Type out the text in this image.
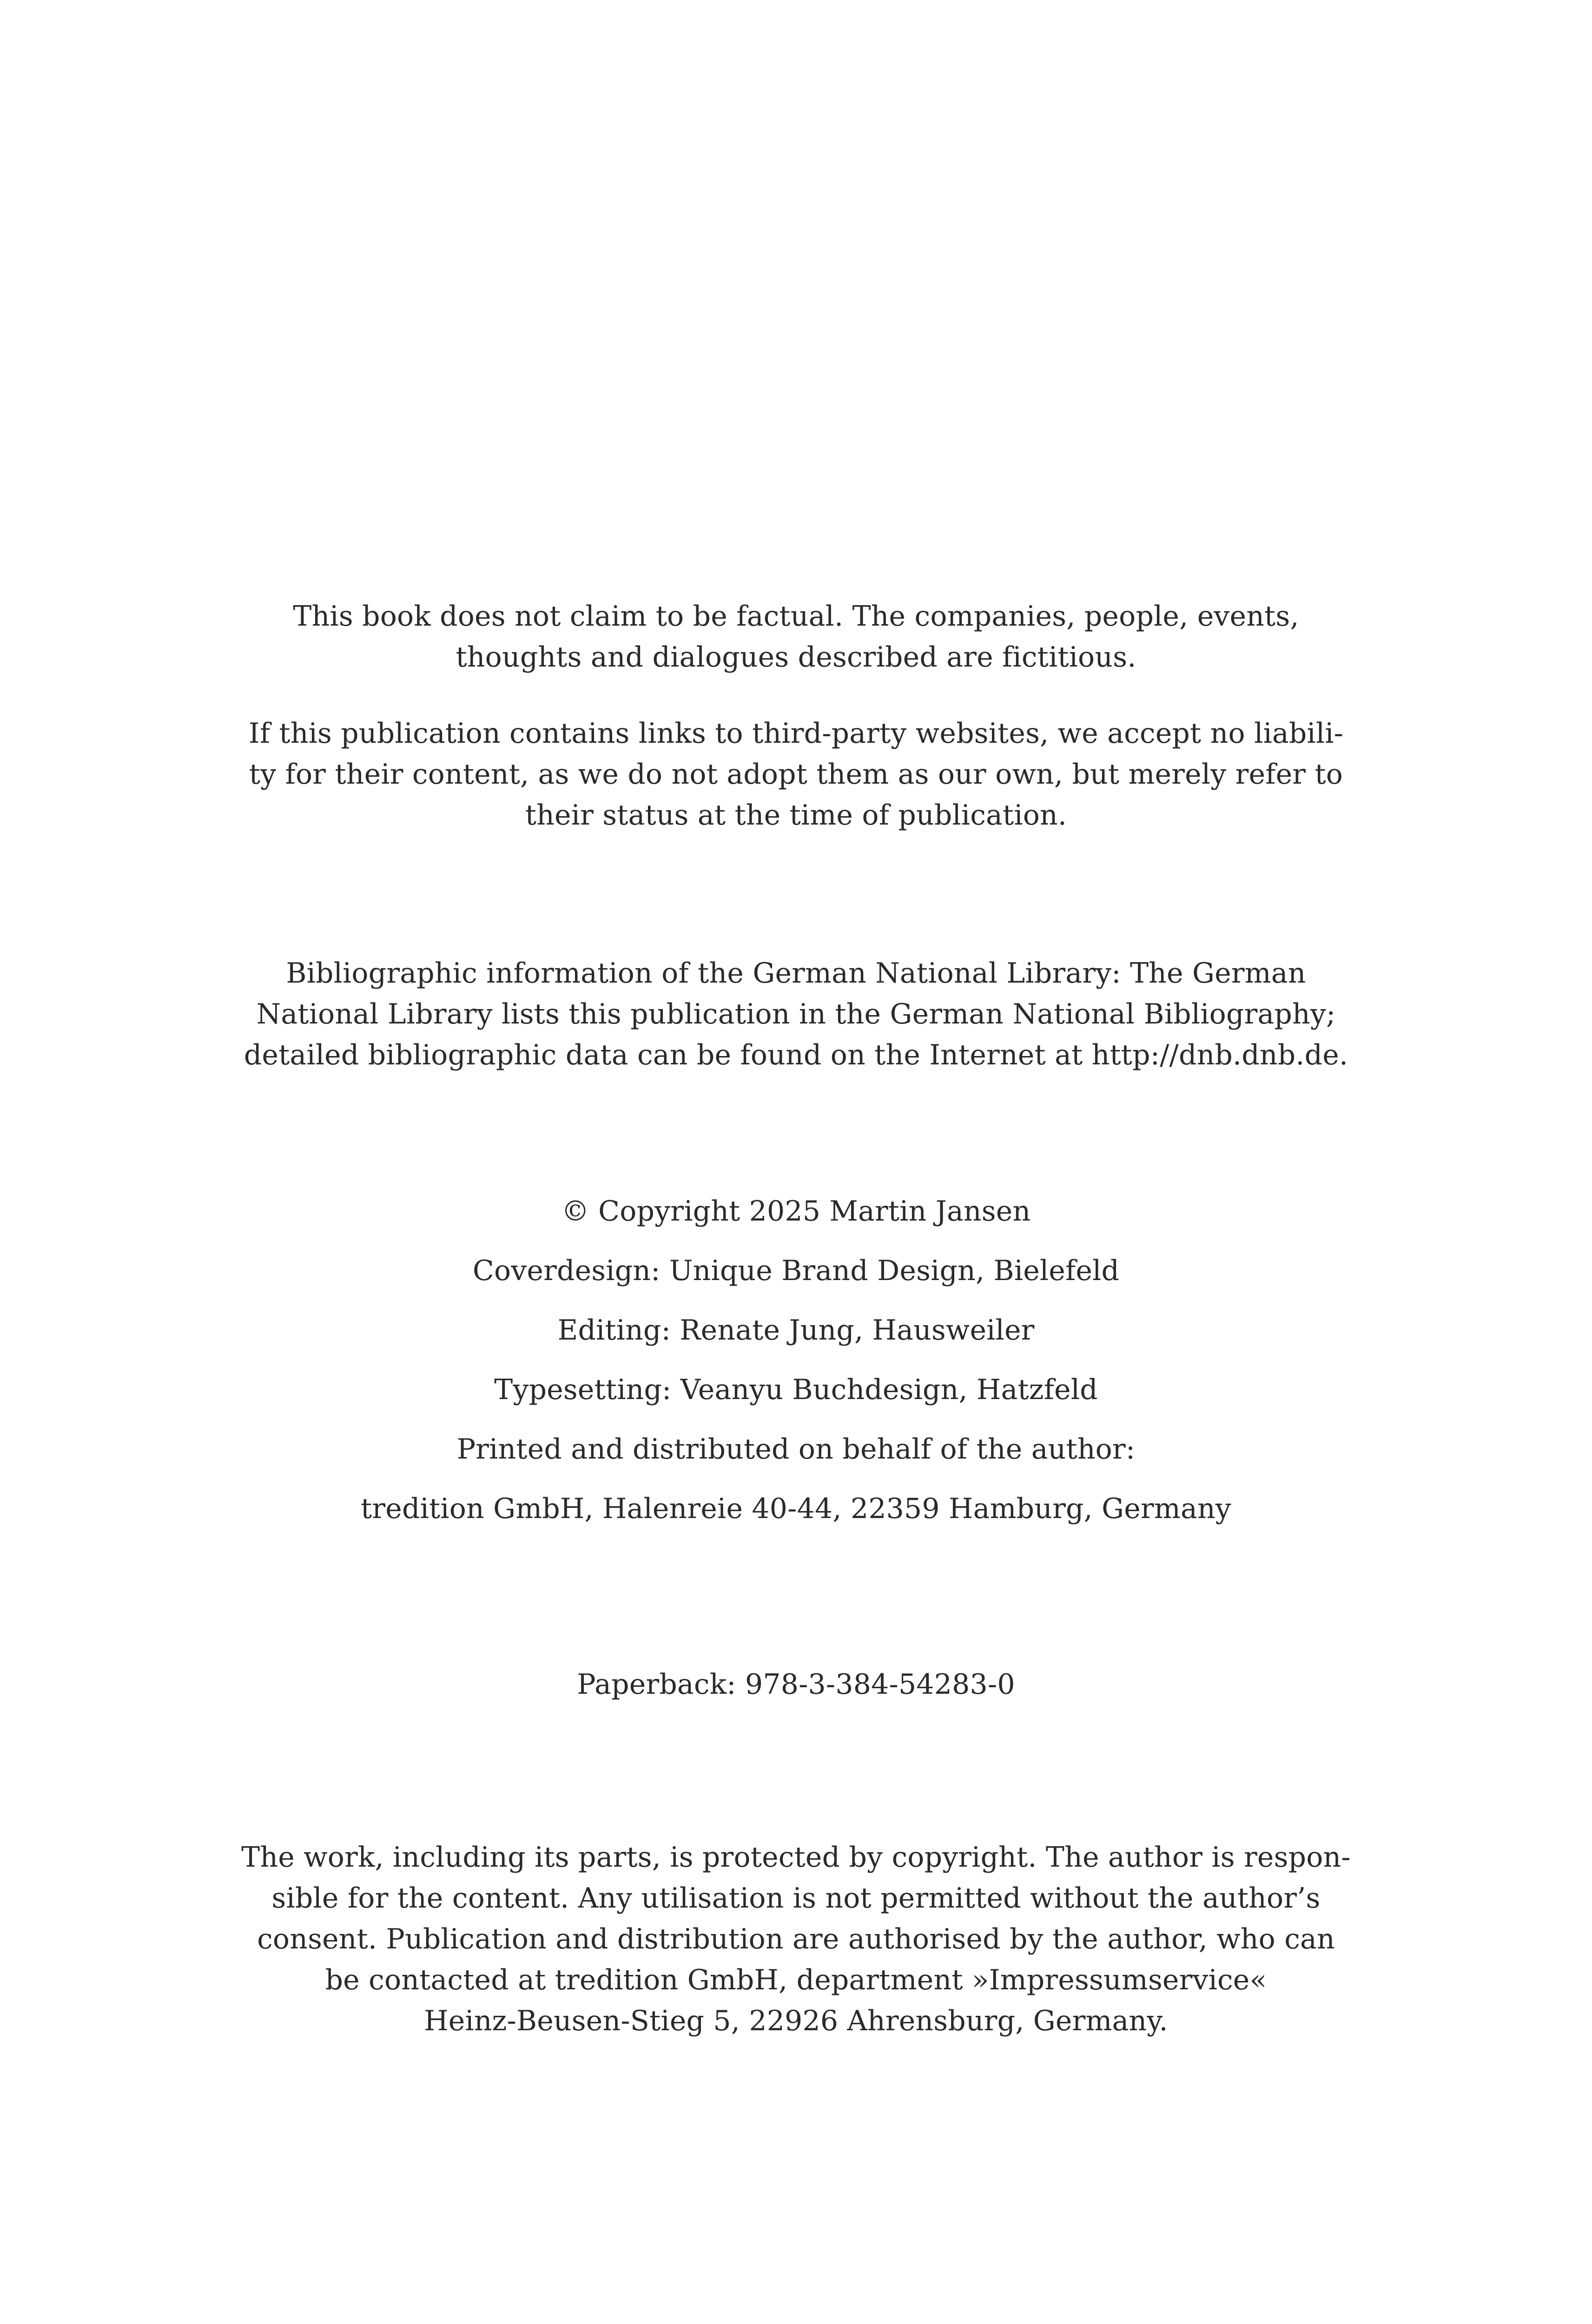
This book does not claim to be factual. The companies, people, events,
thoughts and dialogues described are fictitious.
If this publication contains links to third-party websites, we accept no liabili-
ty for their content, as we do not adopt them as our own, but merely refer to
their status at the time of publication.
Bibliographic information of the German National Library: The German
National Library lists this publication in the German National Bibliography;
detailed bibliographic data can be found on the Internet at http://dnb.dnb.de.
© Copyright 2025 Martin Jansen
Coverdesign: Unique Brand Design, Bielefeld
Editing: Renate Jung, Hausweiler
Typesetting: Veanyu Buchdesign, Hatzfeld
Printed and distributed on behalf of the author:
tredition GmbH, Halenreie 40-44, 22359 Hamburg, Germany
Paperback: 978-3-384-54283-0
The work, including its parts, is protected by copyright. The author is respon-
sible for the content. Any utilisation is not permitted without the author’s
consent. Publication and distribution are authorised by the author, who can
be contacted at tredition GmbH, department »Impressumservice«
Heinz-Beusen-Stieg 5, 22926 Ahrensburg, Germany.
